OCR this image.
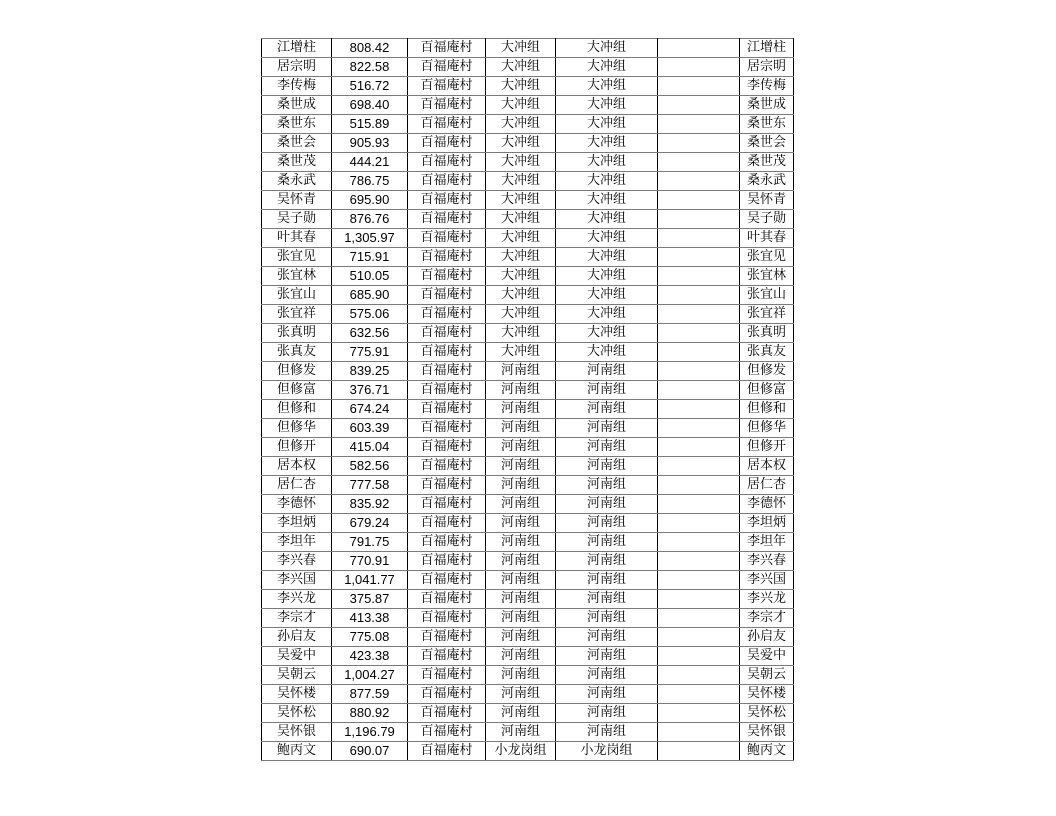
江增柱	808.42	百福庵村	大冲组	大冲组		江增柱
居宗明	822.58	百福庵村	大冲组	大冲组		居宗明
李传梅	516.72	百福庵村	大冲组	大冲组		李传梅
桑世成	698.40	百福庵村	大冲组	大冲组		桑世成
桑世东	515.89	百福庵村	大冲组	大冲组		桑世东
桑世会	905.93	百福庵村	大冲组	大冲组		桑世会
桑世茂	444.21	百福庵村	大冲组	大冲组		桑世茂
桑永武	786.75	百福庵村	大冲组	大冲组		桑永武
吴怀青	695.90	百福庵村	大冲组	大冲组		吴怀青
吴子勋	876.76	百福庵村	大冲组	大冲组		吴子勋
叶其春	1,305.97	百福庵村	大冲组	大冲组		叶其春
张宜见	715.91	百福庵村	大冲组	大冲组		张宜见
张宜林	510.05	百福庵村	大冲组	大冲组		张宜林
张宜山	685.90	百福庵村	大冲组	大冲组		张宜山
张宜祥	575.06	百福庵村	大冲组	大冲组		张宜祥
张真明	632.56	百福庵村	大冲组	大冲组		张真明
张真友	775.91	百福庵村	大冲组	大冲组		张真友
但修发	839.25	百福庵村	河南组	河南组		但修发
但修富	376.71	百福庵村	河南组	河南组		但修富
但修和	674.24	百福庵村	河南组	河南组		但修和
但修华	603.39	百福庵村	河南组	河南组		但修华
但修开	415.04	百福庵村	河南组	河南组		但修开
居本权	582.56	百福庵村	河南组	河南组		居本权
居仁杏	777.58	百福庵村	河南组	河南组		居仁杏
李德怀	835.92	百福庵村	河南组	河南组		李德怀
李坦炳	679.24	百福庵村	河南组	河南组		李坦炳
李坦年	791.75	百福庵村	河南组	河南组		李坦年
李兴春	770.91	百福庵村	河南组	河南组		李兴春
李兴国	1,041.77	百福庵村	河南组	河南组		李兴国
李兴龙	375.87	百福庵村	河南组	河南组		李兴龙
李宗才	413.38	百福庵村	河南组	河南组		李宗才
孙启友	775.08	百福庵村	河南组	河南组		孙启友
吴爱中	423.38	百福庵村	河南组	河南组		吴爱中
吴朝云	1,004.27	百福庵村	河南组	河南组		吴朝云
吴怀楼	877.59	百福庵村	河南组	河南组		吴怀楼
吴怀松	880.92	百福庵村	河南组	河南组		吴怀松
吴怀银	1,196.79	百福庵村	河南组	河南组		吴怀银
鲍丙文	690.07	百福庵村	小龙岗组	小龙岗组		鲍丙文
